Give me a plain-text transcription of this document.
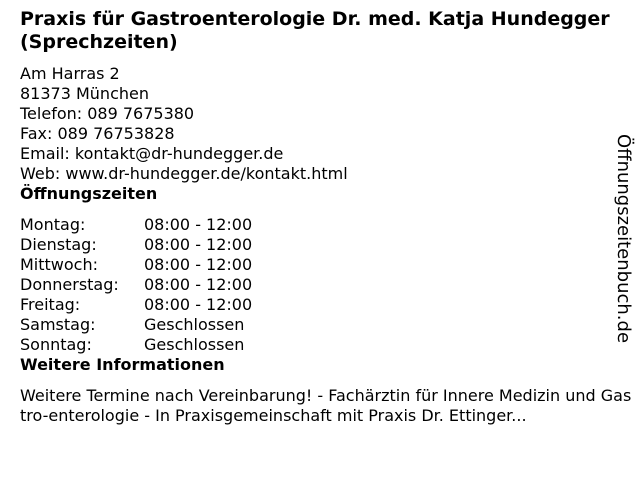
Praxis für Gastroenterologie Dr. med. Katja Hundegger (Sprechzeiten)
Am Harras 2
81373 München
Telefon: 089 7675380
Fax: 089 76753828
Email: kontakt@dr-hundegger.de
Web: www.dr-hundegger.de/kontakt.html
Öffnungszeiten
Montag:	08:00 - 12:00
Dienstag:	08:00 - 12:00
Mittwoch:	08:00 - 12:00
Donnerstag:	08:00 - 12:00
Freitag:	08:00 - 12:00
Samstag:	Geschlossen
Sonntag:	Geschlossen
Weitere Informationen
Weitere Termine nach Vereinbarung! - Fachärztin für Innere Medizin und Gastro-enterologie - In Praxisgemeinschaft mit Praxis Dr. Ettinger...
Öffnungszeitenbuch.de
